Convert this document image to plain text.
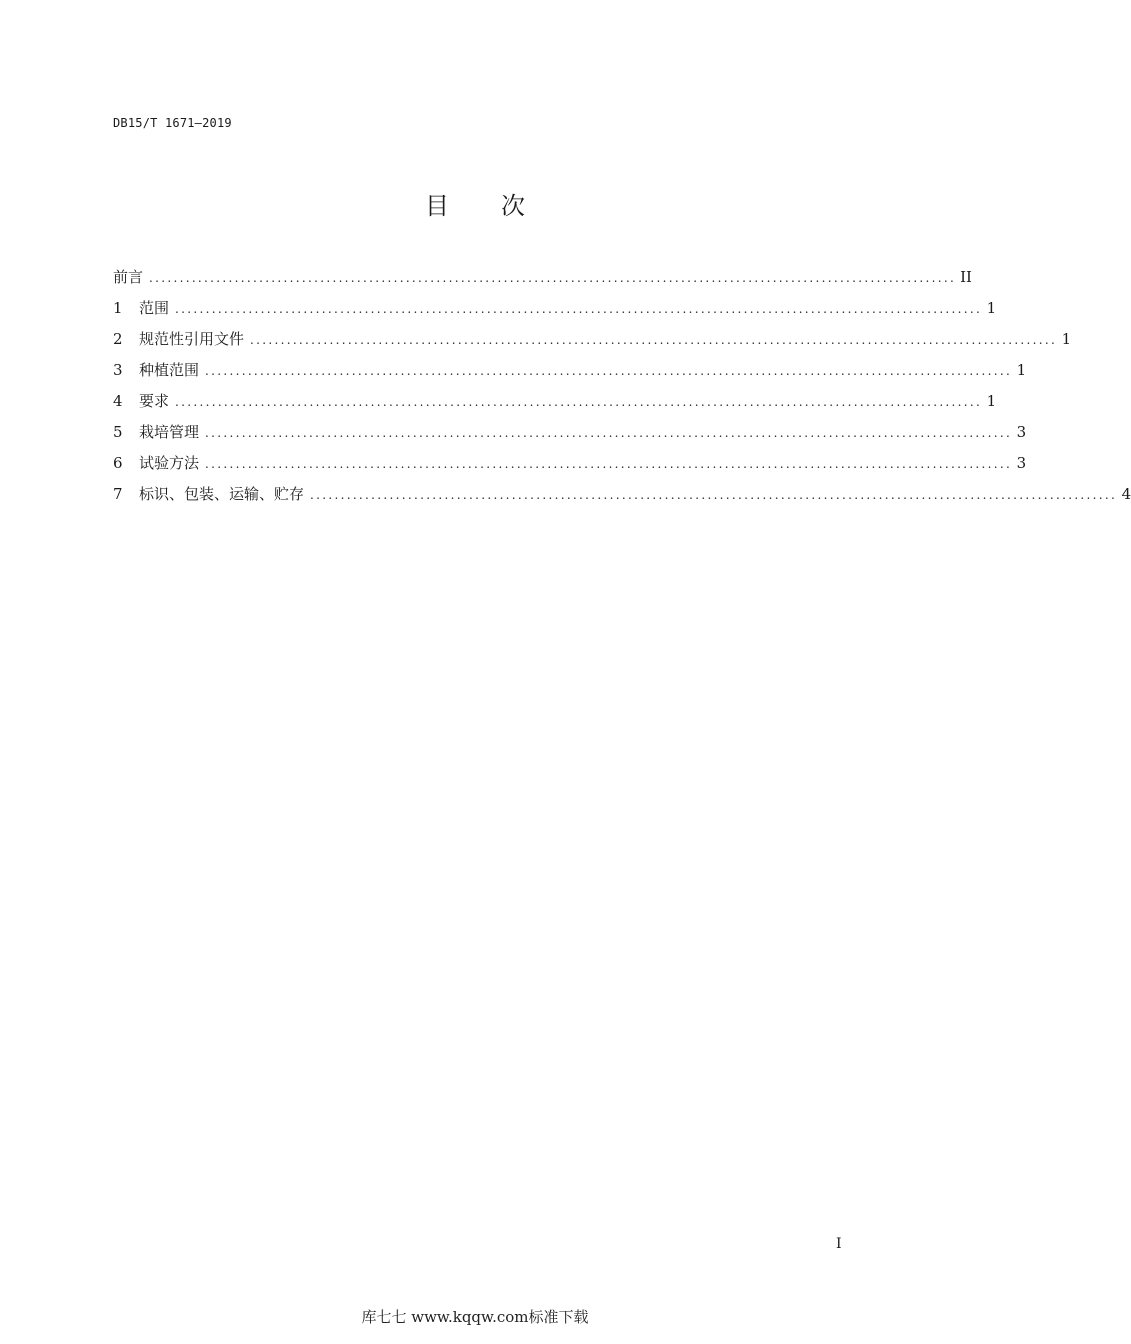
DB15/T 1671—2019
目 次
前言 .................................................................................................................................... II
1	范围 .................................................................................................................................... 1
2	规范性引用文件 .................................................................................................................................... 1
3	种植范围 .................................................................................................................................... 1
4	要求 .................................................................................................................................... 1
5	栽培管理 .................................................................................................................................... 3
6	试验方法 .................................................................................................................................... 3
7	标识、包装、运输、贮存 .................................................................................................................................... 4
I
库七七 www.kqqw.com标准下载
